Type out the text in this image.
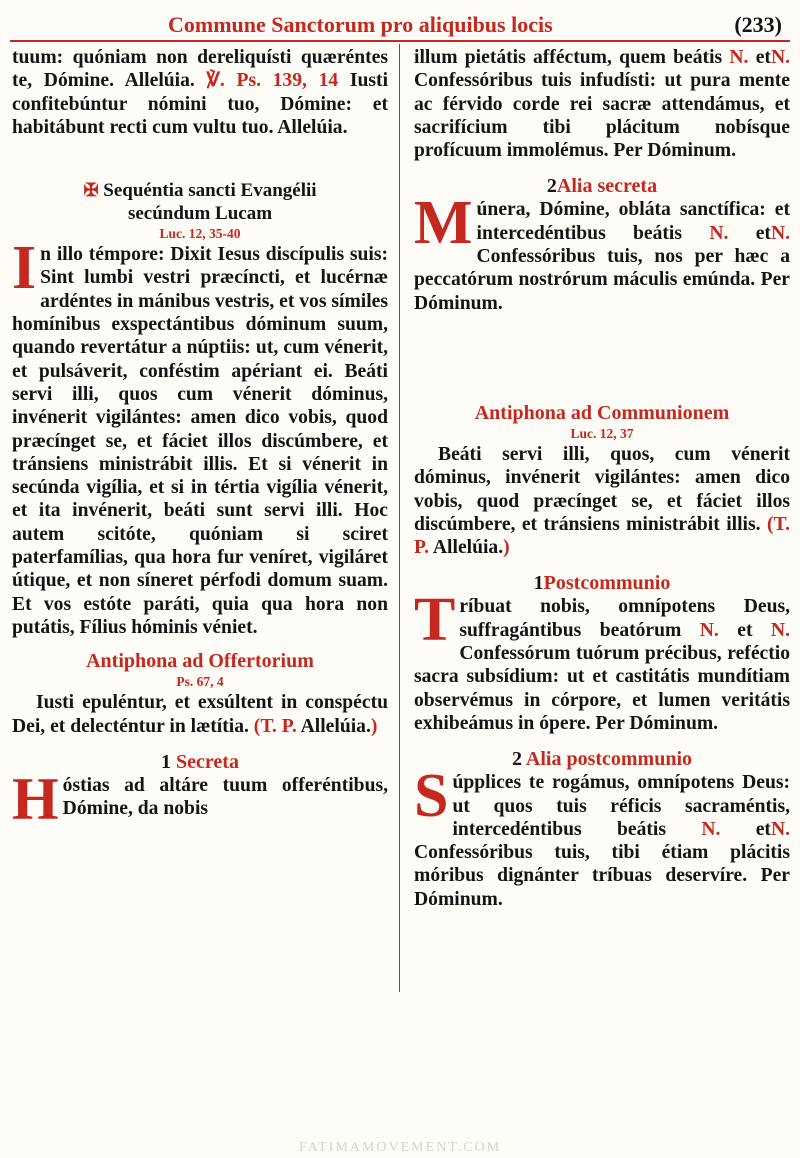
Commune Sanctorum pro aliquibus locis	(233)

tuum: quóniam non dereliquísti quæréntes te, Dómine. Allelúia. ℣. Ps. 139, 14 Iusti confitebúntur nómini tuo, Dómine: et habitábunt recti cum vultu tuo. Allelúia.

✠ Sequéntia sancti Evangélii
secúndum Lucam
Luc. 12, 35-40

In illo témpore: Dixit Iesus discípulis suis: Sint lumbi vestri præcíncti, et lucérnæ ardéntes in mánibus vestris, et vos símiles homínibus exspectántibus dóminum suum, quando revertátur a núptiis: ut, cum vénerit, et pulsáverit, conféstim apériant ei. Beáti servi illi, quos cum vénerit dóminus, invénerit vigilántes: amen dico vobis, quod præcínget se, et fáciet illos discúmbere, et tránsiens ministrábit illis. Et si vénerit in secúnda vigília, et si in tértia vigília vénerit, et ita invénerit, beáti sunt servi illi. Hoc autem scitóte, quóniam si sciret paterfamílias, qua hora fur veníret, vigiláret útique, et non síneret pérfodi domum suam. Et vos estóte paráti, quia qua hora non putátis, Fílius hóminis véniet.

Antiphona ad Offertorium
Ps. 67, 4

Iusti epuléntur, et exsúltent in conspéctu Dei, et delecténtur in lætítia. (T. P. Allelúia.)

1 Secreta

Hóstias ad altáre tuum offeréntibus, Dómine, da nobis

illum pietátis afféctum, quem beátis N. etN. Confessóribus tuis infudísti: ut pura mente ac férvido corde rei sacræ attendámus, et sacrifícium tibi plácitum nobísque profícuum immolémus. Per Dóminum.

2Alia secreta

Múnera, Dómine, obláta sanctífica: et intercedéntibus beátis N. etN. Confessóribus tuis, nos per hæc a peccatórum nostrórum máculis emúnda. Per Dóminum.

Antiphona ad Communionem
Luc. 12, 37

Beáti servi illi, quos, cum vénerit dóminus, invénerit vigilántes: amen dico vobis, quod præcínget se, et fáciet illos discúmbere, et tránsiens ministrábit illis. (T. P. Allelúia.)

1Postcommunio

Tríbuat nobis, omnípotens Deus, suffragántibus beatórum N. et N. Confessórum tuórum précibus, reféctio sacra subsídium: ut et castitátis mundítiam observémus in córpore, et lumen veritátis exhibeámus in ópere. Per Dóminum.

2 Alia postcommunio

Súpplices te rogámus, omnípotens Deus: ut quos tuis réficis sacraméntis, intercedéntibus beátis N. etN. Confessóribus tuis, tibi étiam plácitis móribus dignánter tríbuas deservíre. Per Dóminum.

FATIMAMOVEMENT.COM
